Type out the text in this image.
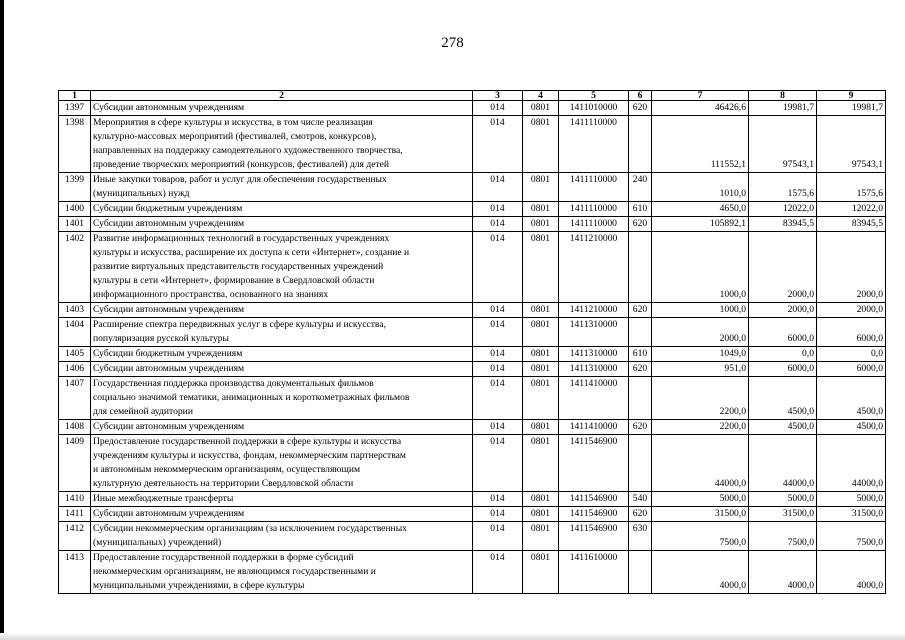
278
1	2	3	4	5	6	7	8	9
1397	Субсидии автономным учреждениям	014	0801	1411010000	620	46426,6	19981,7	19981,7
1398	Мероприятия в сфере культуры и искусства, в том числе реализация
культурно-массовых мероприятий (фестивалей, смотров, конкурсов),
направленных на поддержку самодеятельного художественного творчества,
проведение творческих мероприятий (конкурсов, фестивалей) для детей	014	0801	1411110000		111552,1	97543,1	97543,1
1399	Иные закупки товаров, работ и услуг для обеспечения государственных
(муниципальных) нужд	014	0801	1411110000	240	1010,0	1575,6	1575,6
1400	Субсидии бюджетным учреждениям	014	0801	1411110000	610	4650,0	12022,0	12022,0
1401	Субсидии автономным учреждениям	014	0801	1411110000	620	105892,1	83945,5	83945,5
1402	Развитие информационных технологий в государственных учреждениях
культуры и искусства, расширение их доступа к сети «Интернет», создание и
развитие виртуальных представительств государственных учреждений
культуры в сети «Интернет», формирование в Свердловской области
информационного пространства, основанного на знаниях	014	0801	1411210000		1000,0	2000,0	2000,0
1403	Субсидии автономным учреждениям	014	0801	1411210000	620	1000,0	2000,0	2000,0
1404	Расширение спектра передвижных услуг в сфере культуры и искусства,
популяризация русской культуры	014	0801	1411310000		2000,0	6000,0	6000,0
1405	Субсидии бюджетным учреждениям	014	0801	1411310000	610	1049,0	0,0	0,0
1406	Субсидии автономным учреждениям	014	0801	1411310000	620	951,0	6000,0	6000,0
1407	Государственная поддержка производства документальных фильмов
социально значимой тематики, анимационных и короткометражных фильмов
для семейной аудитории	014	0801	1411410000		2200,0	4500,0	4500,0
1408	Субсидии автономным учреждениям	014	0801	1411410000	620	2200,0	4500,0	4500,0
1409	Предоставление государственной поддержки в сфере культуры и искусства
учреждениям культуры и искусства, фондам, некоммерческим партнерствам
и автономным некоммерческим организациям, осуществляющим
культурную деятельность на территории Свердловской области	014	0801	1411546900		44000,0	44000,0	44000,0
1410	Иные межбюджетные трансферты	014	0801	1411546900	540	5000,0	5000,0	5000,0
1411	Субсидии автономным учреждениям	014	0801	1411546900	620	31500,0	31500,0	31500,0
1412	Субсидии некоммерческим организациям (за исключением государственных
(муниципальных) учреждений)	014	0801	1411546900	630	7500,0	7500,0	7500,0
1413	Предоставление государственной поддержки в форме субсидий
некоммерческим организациям, не являющимся государственными и
муниципальными учреждениями, в сфере культуры	014	0801	1411610000		4000,0	4000,0	4000,0
